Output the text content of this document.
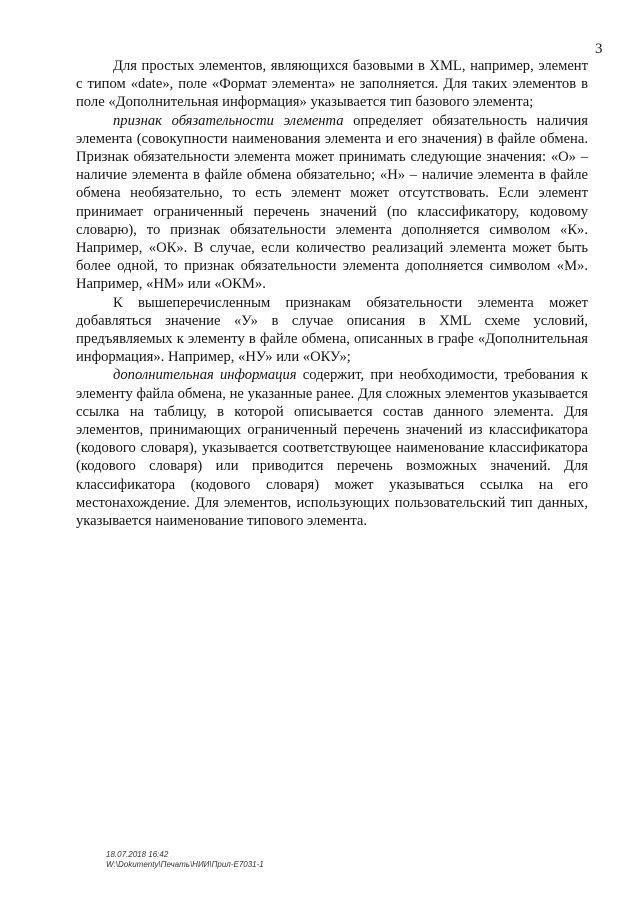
3

Для простых элементов, являющихся базовыми в XML, например, элемент с типом «date», поле «Формат элемента» не заполняется. Для таких элементов в поле «Дополнительная информация» указывается тип базового элемента;

признак обязательности элемента определяет обязательность наличия элемента (совокупности наименования элемента и его значения) в файле обмена. Признак обязательности элемента может принимать следующие значения: «О» – наличие элемента в файле обмена обязательно; «Н» – наличие элемента в файле обмена необязательно, то есть элемент может отсутствовать. Если элемент принимает ограниченный перечень значений (по классификатору, кодовому словарю), то признак обязательности элемента дополняется символом «К». Например, «ОК». В случае, если количество реализаций элемента может быть более одной, то признак обязательности элемента дополняется символом «М». Например, «НМ» или «ОКМ».

К вышеперечисленным признакам обязательности элемента может добавляться значение «У» в случае описания в XML схеме условий, предъявляемых к элементу в файле обмена, описанных в графе «Дополнительная информация». Например, «НУ» или «ОКУ»;

дополнительная информация содержит, при необходимости, требования к элементу файла обмена, не указанные ранее. Для сложных элементов указывается ссылка на таблицу, в которой описывается состав данного элемента. Для элементов, принимающих ограниченный перечень значений из классификатора (кодового словаря), указывается соответствующее наименование классификатора (кодового словаря) или приводится перечень возможных значений. Для классификатора (кодового словаря) может указываться ссылка на его местонахождение. Для элементов, использующих пользовательский тип данных, указывается наименование типового элемента.

18.07.2018 16:42
W:\Dokumenty\Печать\НИИ\Прил-Е7031-1
